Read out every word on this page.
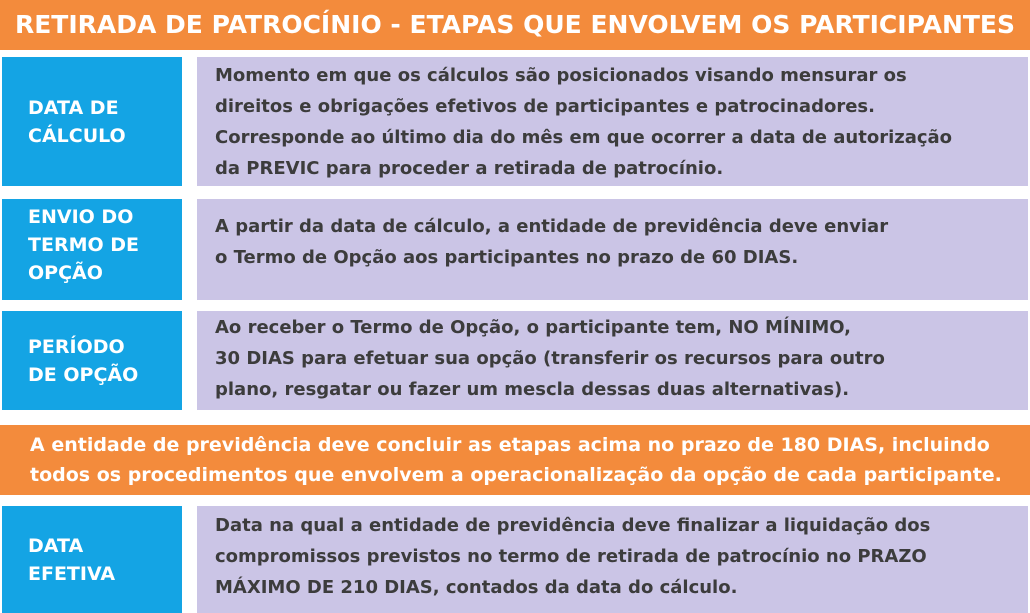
RETIRADA DE PATROCÍNIO - ETAPAS QUE ENVOLVEM OS PARTICIPANTES
DATA DE
CÁLCULO
Momento em que os cálculos são posicionados visando mensurar os
direitos e obrigações efetivos de participantes e patrocinadores.
Corresponde ao último dia do mês em que ocorrer a data de autorização
da PREVIC para proceder a retirada de patrocínio.
ENVIO DO
TERMO DE
OPÇÃO
A partir da data de cálculo, a entidade de previdência deve enviar
o Termo de Opção aos participantes no prazo de 60 DIAS.
PERÍODO
DE OPÇÃO
Ao receber o Termo de Opção, o participante tem, NO MÍNIMO,
30 DIAS para efetuar sua opção (transferir os recursos para outro
plano, resgatar ou fazer um mescla dessas duas alternativas).
A entidade de previdência deve concluir as etapas acima no prazo de 180 DIAS, incluindo
todos os procedimentos que envolvem a operacionalização da opção de cada participante.
DATA
EFETIVA
Data na qual a entidade de previdência deve finalizar a liquidação dos
compromissos previstos no termo de retirada de patrocínio no PRAZO
MÁXIMO DE 210 DIAS, contados da data do cálculo.
